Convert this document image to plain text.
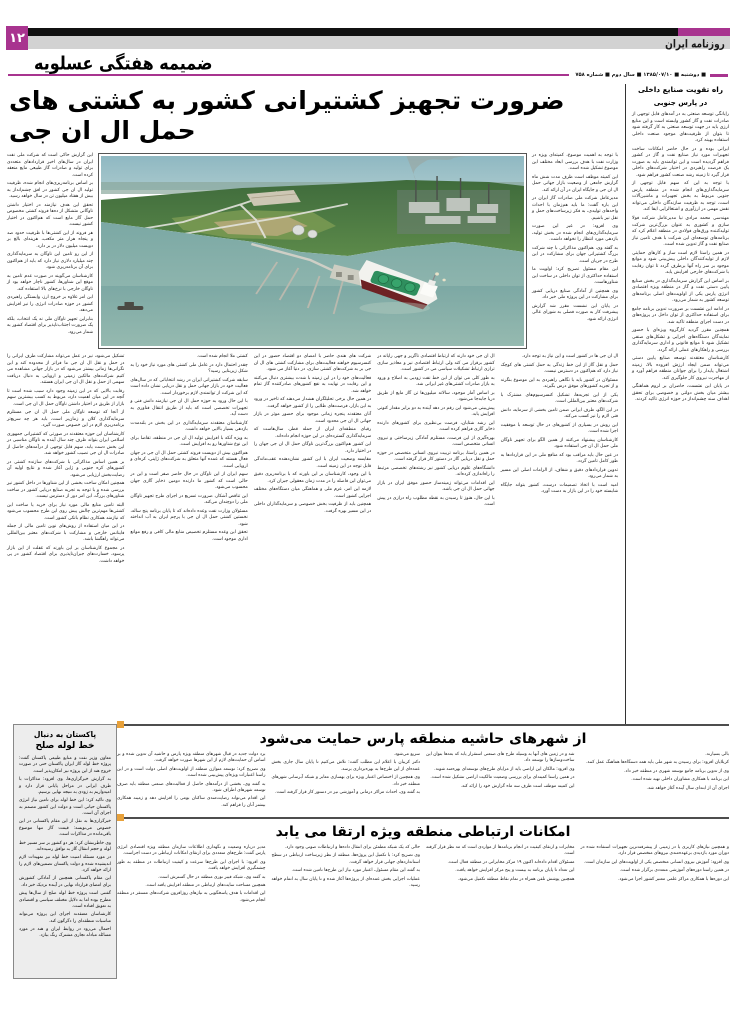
روزنامه ایران
۱۲
ضمیمه هفتگی عسلویه
■ دوشنبه ■ ۱۳۸۵/۰۷/۱۰ ■ سال دوم ■ شماره ۷۵۸
راه تقویت صنایع داخلی
در پارس جنوبی

رایانگی توسعه صنعتی به در آمدهای قابل توجهی از صادرات نفت و گاز کشور وابسته است و این منابع ارزی باید در جهت توسعه صنعتی به کار گرفته شود تا بتوان از ظرفیت‌های موجود صنعت داخلی استفاده بهینه کرد.

ایرانی بوده و در حال حاضر امکانات ساخت تجهیزات مورد نیاز صنایع نفت و گاز در کشور فراهم گردیده است و این توانمندی باید به صورت یک فرصت راهبردی در اختیار شرکت‌های داخلی قرار گیرد تا زمینه رشد صنعت کشور فراهم شود.

با توجه به این که سهم قابل توجهی از سرمایه‌گذاری‌های انجام شده در منطقه پارس جنوبی مربوط به بخش تجهیزات و ماشین‌آلات است، توجه به ظرفیت سازندگان داخلی می‌تواند نقش مهمی در ارزآوری و اشتغالزایی ایفا کند.

مهندسی محمد مرادی نیا مدیرعامل شرکت فولا سازی و کشوری به عنوان بزرگ‌ترین شرکت تولیدکننده ورق‌های فولادی در منطقه اعلام کرد که برنامه‌های توسعه‌ای این شرکت با هدف تامین نیاز صنایع نفت و گاز تدوین شده است.

در همین راستا لازم است ساز و کارهای حمایتی لازم از تولیدکنندگان داخلی پیش‌بینی شود و موانع موجود بر سر راه آنها برطرف گردد تا توان رقابت با شرکت‌های خارجی افزایش یابد.

بر اساس این گزارش سرمایه‌گذاری در بخش صنایع پایین دستی نفت و گاز در منطقه ویژه اقتصادی انرژی پارس یکی از اولویت‌های اصلی برنامه‌های توسعه کشور به شمار می‌رود.

در ادامه این نشست بر ضرورت تدوین برنامه جامع برای استفاده حداکثری از توان داخل در پروژه‌های در دست اجرای منطقه تاکید شد.

همچنین مقرر گردید کارگروه ویژه‌ای با حضور نمایندگان دستگاه‌های اجرایی و تشکل‌های صنفی تشکیل شود تا موانع قانونی و اداری سرمایه‌گذاری بررسی و راهکارهای عملی ارائه گردد.

کارشناسان معتقدند توسعه صنایع پایین دستی می‌تواند ضمن ایجاد ارزش افزوده بالا، زمینه اشتغال پایدار را برای جوانان منطقه فراهم آورد و از مهاجرت نیروی کار جلوگیری کند.

در پایان این نشست، حاضران بر لزوم هماهنگی بیشتر میان بخش دولتی و خصوصی برای تحقق اهداف سند چشم‌انداز در حوزه انرژی تاکید کردند.

ضرورت تجهیز کشتیرانی کشور به کشتی های حمل ال ان جی

با توجه به اهمیت موضوع، کمیته‌ای ویژه در وزارت نفت با هدف بررسی ابعاد مختلف این موضوع تشکیل شده است.

این کمیته موظف است ظرف مدت شش ماه گزارش جامعی از وضعیت بازار جهانی حمل ال ان جی و جایگاه ایران در آن ارائه کند.

مدیرعامل شرکت ملی صادرات گاز ایران در این باره گفت: ما باید هم‌زمان با احداث واحدهای تولیدی، به فکر زیرساخت‌های حمل و نقل نیز باشیم.

وی افزود: در غیر این صورت سرمایه‌گذاری‌های انجام شده در بخش تولید، بازدهی مورد انتظار را نخواهد داشت.

به گفته وی، هم‌اکنون مذاکراتی با چند شرکت بزرگ کشتیرانی جهان برای مشارکت در این طرح در جریان است.

این مقام مسئول تصریح کرد: اولویت ما استفاده حداکثری از توان داخلی در ساخت این شناورهاست.

وی همچنین از آمادگی صنایع دریایی کشور برای مشارکت در این پروژه ملی خبر داد.

در پایان این نشست مقرر شد گزارش پیشرفت کار به صورت فصلی به شورای عالی انرژی ارائه شود.

این گزارش حاکی است که شرکت ملی نفت ایران در سال‌های اخیر قراردادهای متعددی برای تولید و صادرات گاز طبیعی مایع منعقد کرده است.

بر اساس برنامه‌ریزی‌های انجام شده، ظرفیت تولید ال ان جی کشور در افق چشم‌انداز به بیش از هفتاد میلیون تن در سال خواهد رسید.

تحقق این هدف نیازمند در اختیار داشتن ناوگانی متشکل از ده‌ها فروند کشتی مخصوص حمل گاز مایع است که هم‌اکنون در اختیار کشور نیست.

هر فروند از این کشتی‌ها با ظرفیت حدود صد و پنجاه هزار متر مکعب، هزینه‌ای بالغ بر دویست میلیون دلار در بر دارد.

از این رو تامین این ناوگان به سرمایه‌گذاری چند میلیارد دلاری نیاز دارد که باید از هم‌اکنون برای آن برنامه‌ریزی شود.

کارشناسان می‌گویند در صورت عدم تامین به موقع این شناورها، کشور ناچار خواهد بود از ناوگان خارجی با نرخ‌های بالا استفاده کند.

این امر علاوه بر خروج ارز، وابستگی راهبردی کشور در حوزه صادرات انرژی را نیز افزایش می‌دهد.

بنابراین تجهیز ناوگان ملی نه یک انتخاب، بلکه یک ضرورت اجتناب‌ناپذیر برای اقتصاد کشور به شمار می‌رود.

ال ان جی ها در کشور است و این نیاز به توجه دارد.

حمل و نقل گاز از این خط زندگی به حمل کشتی های کوچک نیاز دارد که هم‌اکنون در دسترس نیست.

مسئولان در کشور باید با نگاهی راهبردی به این موضوع بنگرند و از تجربه کشورهای موفق درس بگیرند.

یکی از این تجربه‌ها، تشکیل کنسرسیوم‌های مشترک با شرکت‌های معتبر بین‌المللی است.

در این الگو، طرف ایرانی ضمن تامین بخشی از سرمایه، دانش فنی لازم را نیز کسب می‌کند.

این روش در بسیاری از کشورهای در حال توسعه با موفقیت اجرا شده است.

کارشناسان پیشنهاد می‌کنند از همین الگو برای تجهیز ناوگان ملی حمل ال ان جی استفاده شود.

در عین حال باید مراقب بود که منافع ملی در این قراردادها به طور کامل تامین گردد.

تدوین قراردادهای دقیق و شفاف، از الزامات اصلی این مسیر به شمار می‌رود.

امید است با اتخاذ تصمیمات درست، کشور بتواند جایگاه شایسته خود را در این بازار به دست آورد.

ال ان جی خود دارند که ارتباط اقتصادی ناگزیر و جهی رایانه در کشور برقرار می کند ولی ارتباط اقتصادی نیز و معاذیر سازی ترازی ارتباط تشکیلات سیاسی می در کشور است.

به طور کلی می توان از این خط نفت زودیی به اصلاح و ورود به بازار صادرات کشتی‌های غیر ایرانی شد.

بر اساس آمار موجود، سالانه میلیون‌ها تن گاز مایع از طریق دریا جابه‌جا می‌شود.

پیش‌بینی می‌شود این رقم در دهه آینده به دو برابر مقدار کنونی افزایش یابد.

این رشد شتابان، فرصت بی‌نظیری برای کشورهای دارنده ذخایر گازی فراهم کرده است.

بهره‌گیری از این فرصت، مستلزم آمادگی زیرساختی و نیروی انسانی متخصص است.

در همین راستا، برنامه تربیت نیروی انسانی متخصص در حوزه حمل و نقل دریایی گاز در دستور کار قرار گرفته است.

دانشگاه‌های علوم دریایی کشور نیز رشته‌های تخصصی مرتبط را راه‌اندازی کرده‌اند.

این اقدامات می‌تواند زمینه‌ساز حضور موفق ایران در بازار جهانی حمل ال ان جی باشد.

با این حال، هنوز تا رسیدن به نقطه مطلوب راه درازی در پیش است.

شرکت های هندی حاضر با امضای دو اقتصاد حضور در این کنسرسیوم خواهند فعالیت‌های برای مشارکت کشتی های ال ان جی بر به شرکت‌های کشتی سازی، در دنیا آغاز می شود.

فعالیت‌های خود را در این زمینه با شدت بیشتری دنبال می‌کنند و این رقابت در نهایت به نفع کشورهای صادرکننده گاز تمام خواهد شد.

در همین حال برخی تحلیلگران هشدار می‌دهند که تاخیر در ورود به این بازار، فرصت‌های طلایی را از کشور خواهد گرفت.

آنان معتقدند پنجره زمانی موجود برای حضور موثر در بازار جهانی ال ان جی محدود است.

رقبای منطقه‌ای ایران از جمله قطر، سال‌هاست که سرمایه‌گذاری گسترده‌ای در این حوزه انجام داده‌اند.

این کشور هم‌اکنون بزرگ‌ترین ناوگان حمل ال ان جی جهان را در اختیار دارد.

مقایسه وضعیت ایران با این کشور نشان‌دهنده عقب‌ماندگی قابل توجه در این زمینه است.

با این وجود، کارشناسان بر این باورند که با برنامه‌ریزی دقیق می‌توان این فاصله را در مدت زمان معقولی جبران کرد.

لازمه این امر، عزم ملی و هماهنگی میان دستگاه‌های مختلف اجرایی کشور است.

همچنین باید از ظرفیت بخش خصوصی و سرمایه‌گذاران داخلی در این مسیر بهره گرفت.

کشتی ملا انجام شده است.

چقدر احتمال دارد در عامل ملی کشتی های مورد نیاز خود را به شکل زیربنایی رسید؟

سابقه شرکت کشتیرانی ایران در رشد انتخاباتی که در سال‌های فعالیت خود در بازار جهانی حمل و نقل دریایی نشان داده است که این شرکت از توانمندی لازم برخوردار است.

با این حال ورود به حوزه حمل ال ان جی نیازمند دانش فنی و تجهیزات تخصصی است که باید از طریق انتقال فناوری به دست آید.

کارشناسان معتقدند سرمایه‌گذاری در این بخش در بلندمدت بازدهی بسیار بالایی خواهد داشت.

به ویژه آنکه با افزایش تولید ال ان جی در منطقه، تقاضا برای این نوع شناورها رو به افزایش است.

هم‌اکنون بیش از دویست فروند کشتی حمل ال ان جی در جهان فعال هستند که عمده آنها متعلق به شرکت‌های ژاپنی، کره‌ای و اروپایی است.

سهم ایران از این ناوگان در حال حاضر صفر است و این در حالی است که کشور ما دارنده دومین ذخایر گازی جهان محسوب می‌شود.

این تناقض آشکار، ضرورت تسریع در اجرای طرح تجهیز ناوگان ملی را دوچندان می‌کند.

مسئولان وزارت نفت وعده داده‌اند که تا پایان برنامه پنج ساله، نخستین کشتی حمل ال ان جی با پرچم ایران به آب انداخته شود.

تحقق این وعده مستلزم تخصیص منابع مالی کافی و رفع موانع اداری موجود است.

تشکیل می‌شود، نیز در عمل می‌تواند مشارکت طرف ایرانی را در حمل و نقل ال ان جی ما فراتر از محدوده کند و این نگرانی‌ها زمانی بیشتر می‌شود که در بازار جهانی مشاهده می کنیم شرکت‌های مالکین زمینی و اروپایی به دنبال دریافت سهمی از حمل و نقل ال ان جی ایران هستند.

رقابت بالایی که در این زمینه وجود دارد سبب شده است تا آنچه در این میان اهمیت دارد، مربوط به کسب بیشترین سهم بازار از طریق در اختیار داشتن ناوگان حمل ال ان جی است.

از آنجا که توسعه ناوگان ملی حمل ال ان جی مستلزم سرمایه‌گذاری کلان و زمان‌بر است، باید هر چه سریع‌تر برنامه‌ریزی لازم در این خصوص صورت گیرد.

کارشناسان این حوزه معتقدند در صورتی که کشتیرانی جمهوری اسلامی ایران بتواند ظرف چند سال آینده به ناوگان مناسبی در این بخش دست یابد، سهم قابل توجهی از درآمدهای حاصل از صادرات ال ان جی نصیب کشور خواهد شد.

بر همین اساس مذاکراتی با شرکت‌های سازنده کشتی در کشورهای کره جنوبی و ژاپن آغاز شده و نتایج اولیه آن رضایت‌بخش ارزیابی می‌شود.

همچنین امکان ساخت بخشی از این شناورها در داخل کشور نیز بررسی شده و با توجه به تجربه صنایع دریایی کشور در ساخت شناورهای بزرگ، این امر دور از دسترس نیست.

البته تامین منابع مالی مورد نیاز برای خرید یا ساخت این کشتی‌ها مهم‌ترین چالش پیش روی این طرح محسوب می‌شود که نیازمند همکاری نظام بانکی کشور است.

در این میان استفاده از روش‌های نوین تامین مالی از جمله فاینانس خارجی و مشارکت با شرکت‌های معتبر بین‌المللی می‌تواند راهگشا باشد.

در مجموع کارشناسان بر این باورند که غفلت از این بازار پرسود، خسارت‌های جبران‌ناپذیری برای اقتصاد کشور در پی خواهد داشت.

از شهرهای حاشیه منطقه پارس حمایت می‌شود

بالی بسیارند.

کربلایان افزود: برای رسیدن به شهر ملی باید همه دستگاه‌ها هماهنگ عمل کنند.

وی از تدوین برنامه جامع توسعه شهری در منطقه خبر داد.

این برنامه با همکاری مشاوران داخلی تهیه شده است.

اجرای آن از ابتدای سال آینده آغاز خواهد شد.

شد و در زمین های آنها به وسیله طرح های صنعتی استقرار یابد که بعدها بتوان این ساخت‌وسازها را توسعه داد.

وی افزود: مالکان این اراضی باید از مزایای طرح‌های توسعه‌ای بهره‌مند شوند.

در همین راستا کمیته‌ای برای بررسی وضعیت مالکیت اراضی تشکیل شده است.

این کمیته موظف است ظرف سه ماه گزارش خود را ارائه کند.

سریع می‌شود.

دکتر کریبان با اعلام این مطلب گفت: تلاش می‌کنیم تا پایان سال جاری بخش عمده‌ای از این طرح‌ها به بهره‌برداری برسد.

وی همچنین از اختصاص اعتبار ویژه برای بهسازی معابر و شبکه آبرسانی شهرهای منطقه خبر داد.

به گفته وی، احداث مراکز درمانی و آموزشی نیز در دستور کار قرار گرفته است.

برد دولت جدید در قبال شهرهای منطقه ویژه پارس و حاشیه آن تدوین شده و بر اساس آن حمایت‌های لازم از این شهرها صورت خواهد گرفت.

وی تصریح کرد: توسعه متوازن منطقه از اولویت‌های اصلی دولت است و در این راستا اعتبارات ویژه‌ای پیش‌بینی شده است.

به گفته وی، بخشی از درآمدهای حاصل از فعالیت‌های صنعتی منطقه باید صرف توسعه شهرهای اطراف شود.

این اقدام می‌تواند رضایت‌مندی ساکنان بومی را افزایش دهد و زمینه همکاری بیشتر آنان را فراهم کند.

امکانات ارتباطی منطقه ویژه ارتقا می یابد

و همچنین نیازهای کاربری یا در زمینی از پیشرفته‌ترین تجهیزات استفاده شده در دوران مورد بازدیدی برعهده‌مندی نیروهای متخصص قرار دارد.

وی افزود: آموزش نیروی انسانی متخصص یکی از اولویت‌های این سازمان است.

در همین راستا دوره‌های آموزشی متعددی برگزار شده است.

این دوره‌ها با همکاری مراکز علمی معتبر کشور اجرا می‌شود.

مخابرات و ارتقای کیفیت در انجام برنامه‌ها از مواردی است که مد نظر قرار گرفته است.

مسئولان اقدام داده‌اند اکنون ۱۹ مرکز مخابراتی در منطقه فعال است.

این تعداد تا پایان برنامه به بیست و پنج مرکز افزایش خواهد یافت.

همچنین پوشش تلفن همراه در تمام نقاط منطقه تکمیل می‌شود.

حالی که یک شبکه مطمئن برای انتقال داده‌ها و ارتباطات صوتی وجود دارد.

وی تصریح کرد: با تکمیل این پروژه‌ها، منطقه از نظر زیرساخت ارتباطی در سطح استانداردهای جهانی قرار خواهد گرفت.

به گفته این مقام مسئول، اعتبار مورد نیاز این طرح‌ها تامین شده است.

عملیات اجرایی بخش عمده‌ای از پروژه‌ها آغاز شده و تا پایان سال به اتمام خواهد رسید.

مدیر درباره وضعیت و نگهداری اطلاعات سازمان منطقه ویژه اقتصادی انرژی پارس گفت: طرح‌های متعددی برای ارتقای امکانات ارتباطی در دست اجراست.

وی افزود: با اجرای این طرح‌ها سرعت و کیفیت ارتباطات در منطقه به طور چشمگیری افزایش خواهد یافت.

به گفته وی، شبکه فیبر نوری منطقه در حال گسترش است.

همچنین مساحت سایت‌های ارتباطی در منطقه افزایش یافته است.

این اقدامات با هدف پاسخگویی به نیازهای روزافزون شرکت‌های مستقر در منطقه انجام می‌شود.

پاکستان به دنبال
خط لوله صلح

معاون وزیر نفت و منابع طبیعی پاکستان گفت: پروژه خط لوله گاز ایران پاکستان حتی در صورت خروج هند از این پروژه نیز امکان‌پذیر است.

به گزارش خبرگزاری‌ها، وی افزود: مذاکرات با طرف ایرانی در مراحل پایانی قرار دارد و امیدواریم به زودی به نتیجه نهایی برسیم.

وی تاکید کرد: این خط لوله برای تامین نیاز انرژی پاکستان حیاتی است و دولت این کشور مصمم به اجرای آن است.

خبرگزاری‌ها به نقل از این مقام پاکستانی در این خصوص می‌نویسد: قیمت گاز تنها موضوع باقی‌مانده در مذاکرات است.

وی خاطرنشان کرد: هر دو کشور بر سر مسیر خط لوله و حجم انتقال گاز به توافق رسیده‌اند.

در مورد مسئله امنیت خط لوله نیز تمهیدات لازم اندیشیده شده و دولت پاکستان تضمین‌های لازم را ارائه خواهد کرد.

این مقام پاکستانی همچنین از آمادگی کشورش برای امضای قرارداد نهایی در آینده نزدیک خبر داد.

گفتنی است پروژه خط لوله صلح از سال‌ها پیش مطرح بوده اما به دلایل مختلف سیاسی و اقتصادی به تعویق افتاده است.

کارشناسان معتقدند اجرای این پروژه می‌تواند مناسبات منطقه‌ای را دگرگون کند.

احتمال می‌رود در روابط ایران و هند در مورد مسائله مبادله تجاری مشترک رنگ ببازد.
